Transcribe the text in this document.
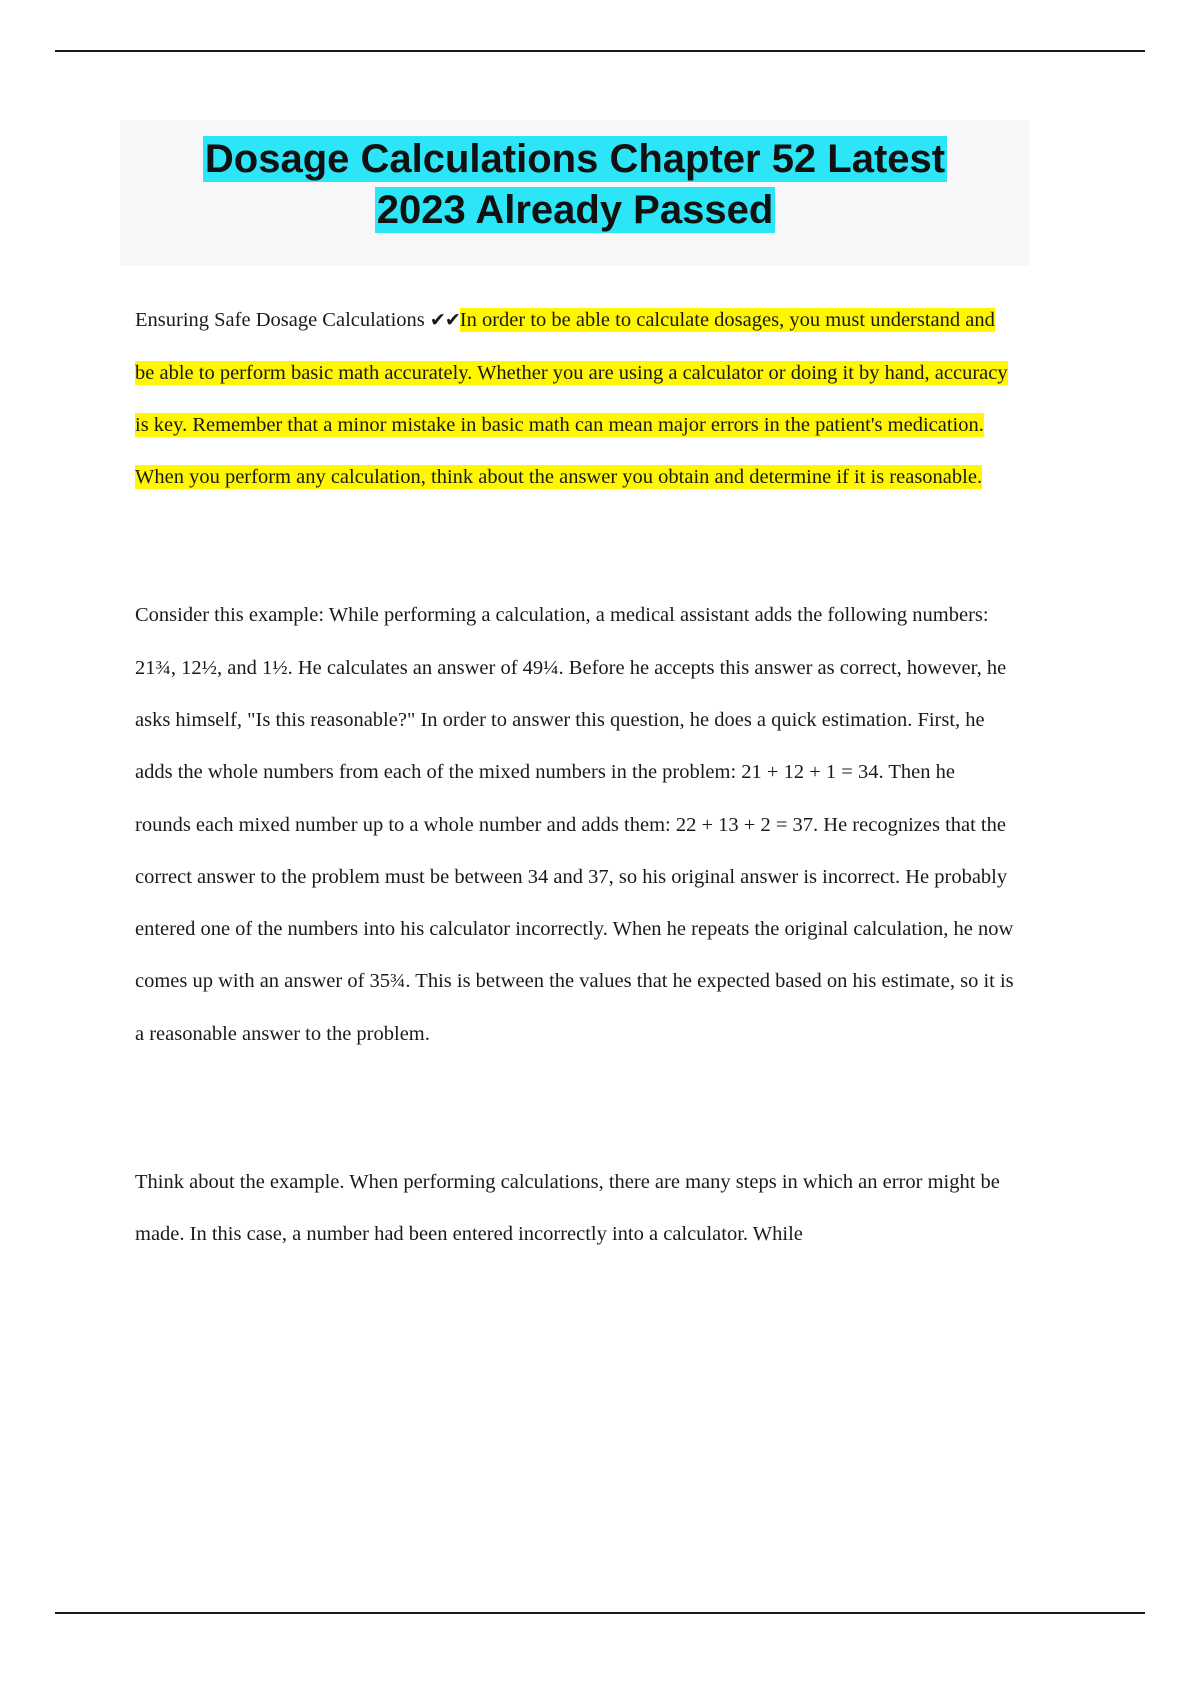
Dosage Calculations Chapter 52 Latest
2023 Already Passed

Ensuring Safe Dosage Calculations ✔✔In order to be able to calculate dosages, you must understand and be able to perform basic math accurately. Whether you are using a calculator or doing it by hand, accuracy is key. Remember that a minor mistake in basic math can mean major errors in the patient's medication. When you perform any calculation, think about the answer you obtain and determine if it is reasonable.

Consider this example: While performing a calculation, a medical assistant adds the following numbers: 21¾, 12½, and 1½. He calculates an answer of 49¼. Before he accepts this answer as correct, however, he asks himself, "Is this reasonable?" In order to answer this question, he does a quick estimation. First, he adds the whole numbers from each of the mixed numbers in the problem: 21 + 12 + 1 = 34. Then he rounds each mixed number up to a whole number and adds them: 22 + 13 + 2 = 37. He recognizes that the correct answer to the problem must be between 34 and 37, so his original answer is incorrect. He probably entered one of the numbers into his calculator incorrectly. When he repeats the original calculation, he now comes up with an answer of 35¾. This is between the values that he expected based on his estimate, so it is a reasonable answer to the problem.

Think about the example. When performing calculations, there are many steps in which an error might be made. In this case, a number had been entered incorrectly into a calculator. While
